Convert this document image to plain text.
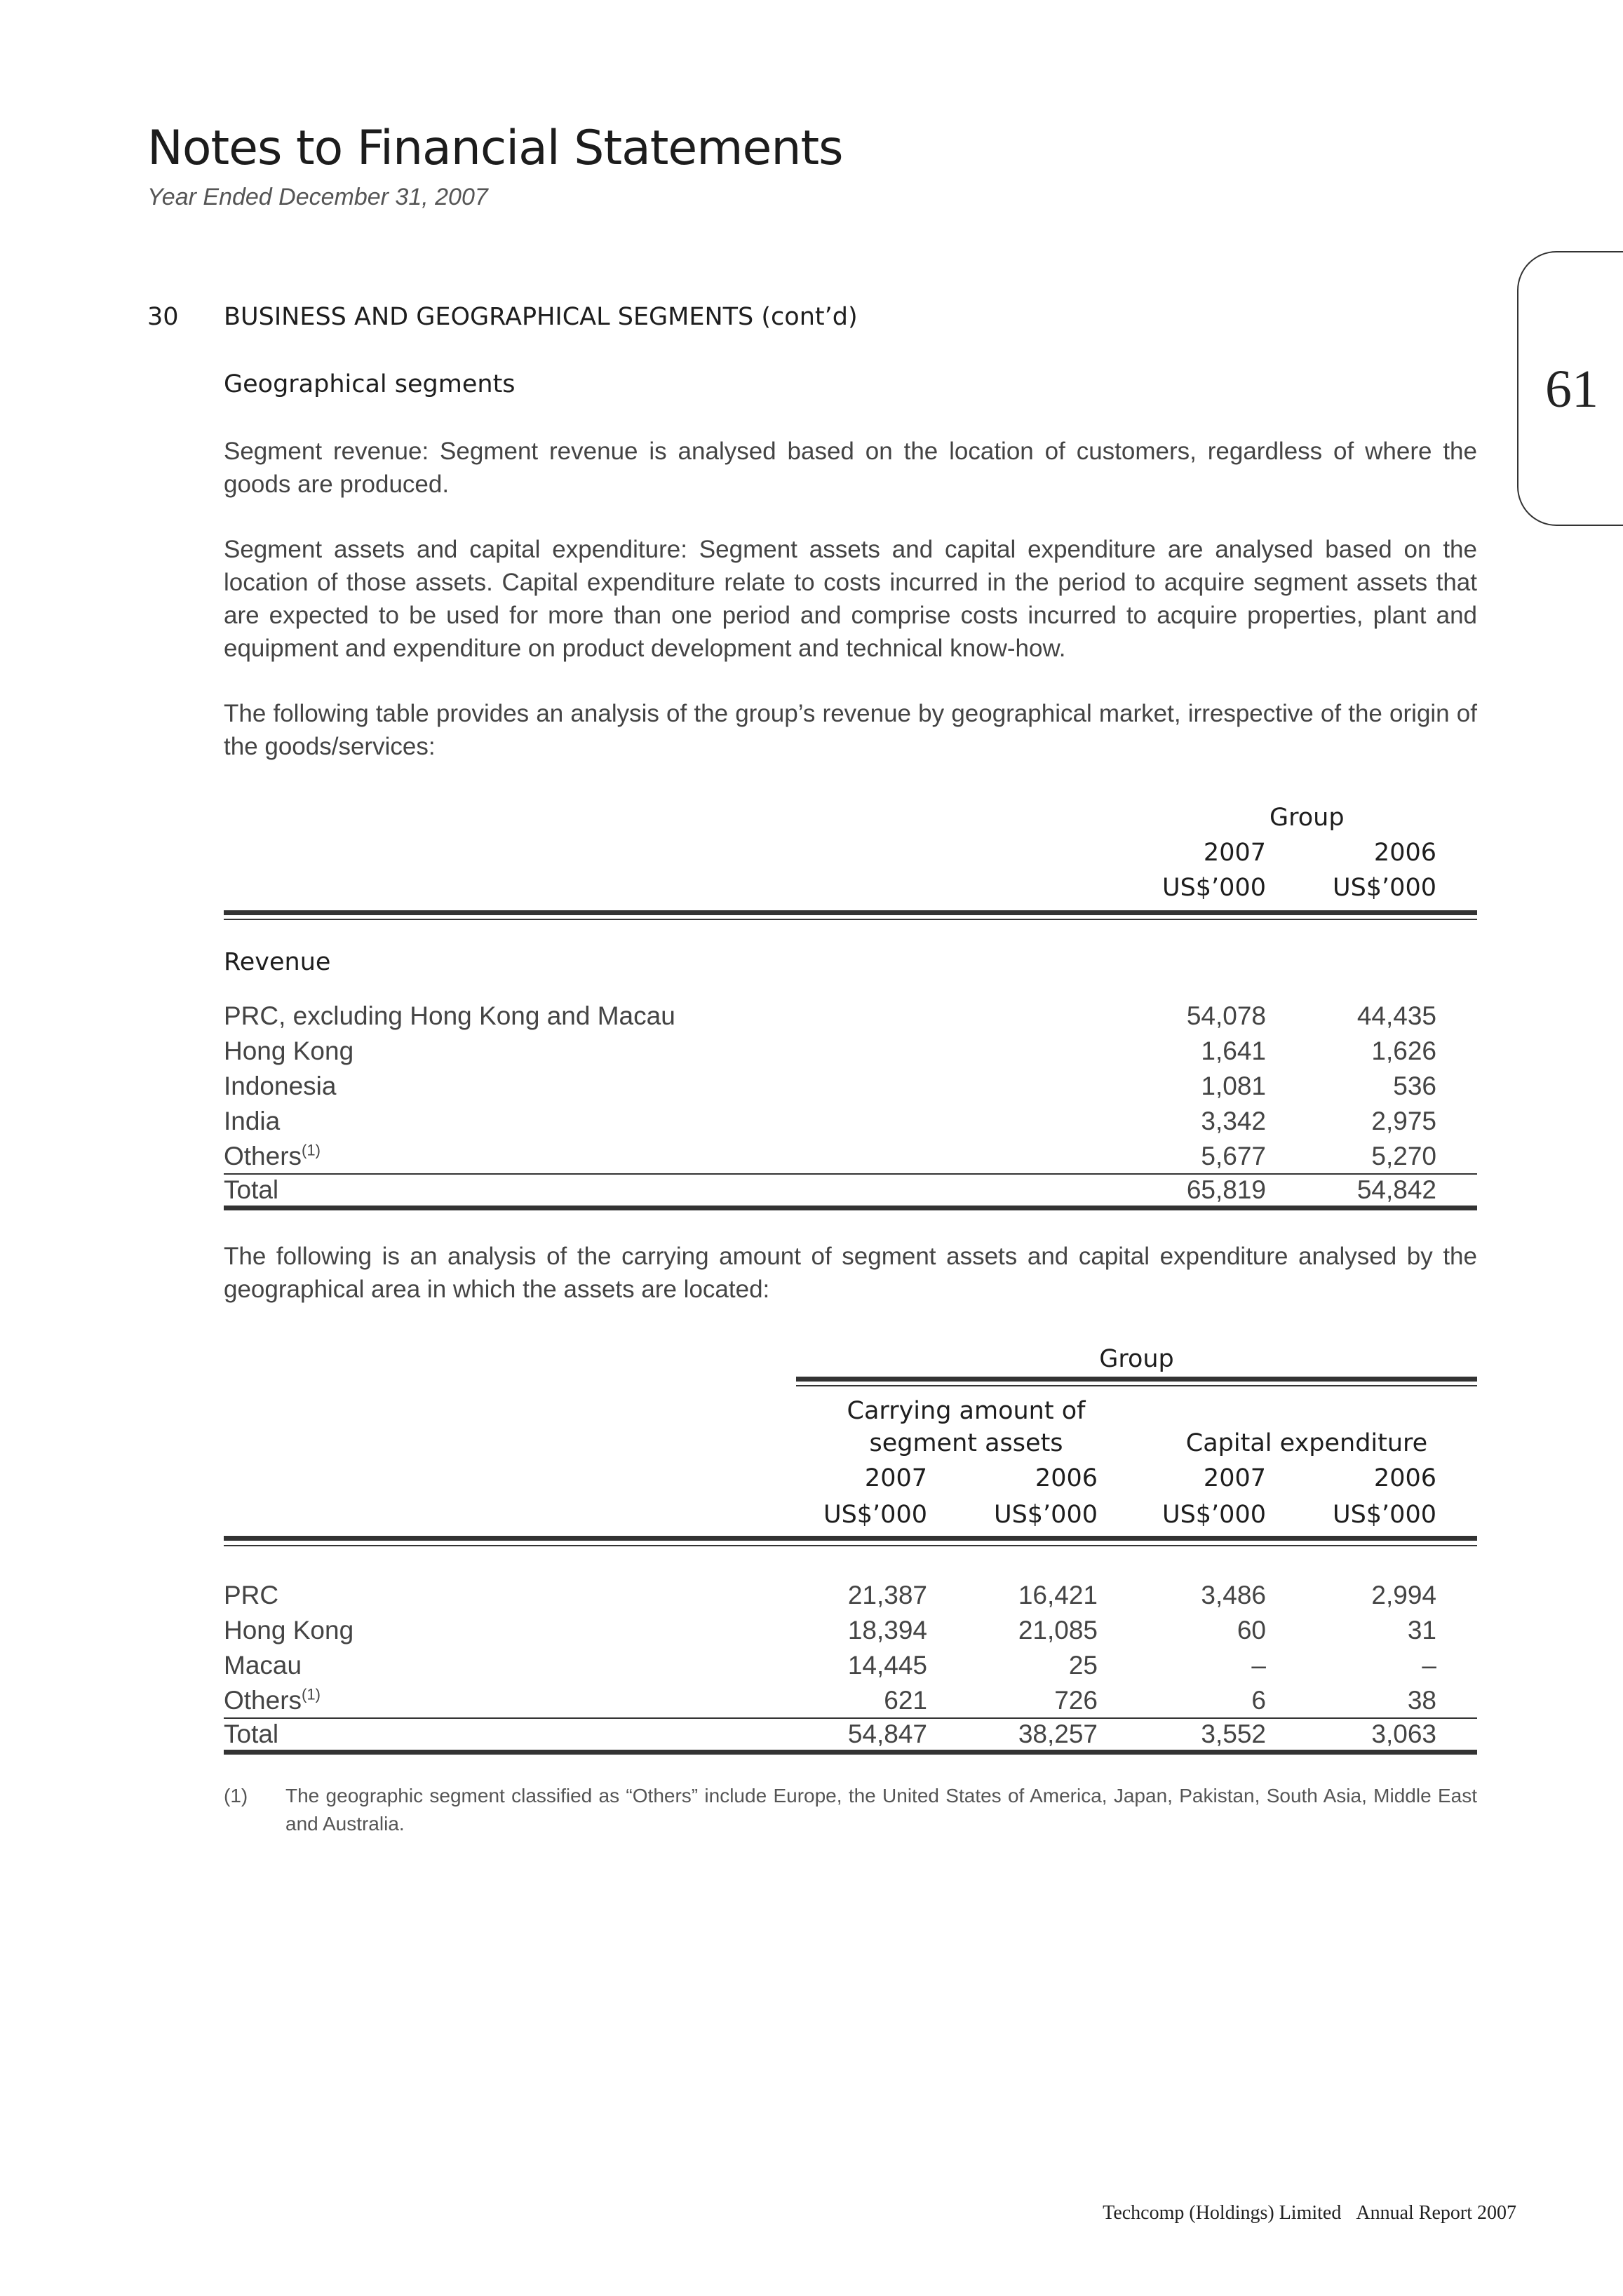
Notes to Financial Statements
Year Ended December 31, 2007
61
30 BUSINESS AND GEOGRAPHICAL SEGMENTS (cont’d)
Geographical segments
Segment revenue: Segment revenue is analysed based on the location of customers, regardless of where the goods are produced.
Segment assets and capital expenditure: Segment assets and capital expenditure are analysed based on the location of those assets. Capital expenditure relate to costs incurred in the period to acquire segment assets that are expected to be used for more than one period and comprise costs incurred to acquire properties, plant and equipment and expenditure on product development and technical know-how.
The following table provides an analysis of the group’s revenue by geographical market, irrespective of the origin of the goods/services:
Group
2007	2006
US$’000	US$’000
Revenue
PRC, excluding Hong Kong and Macau	54,078	44,435
Hong Kong	1,641	1,626
Indonesia	1,081	536
India	3,342	2,975
Others$^{(1)}$	5,677	5,270
Total	65,819	54,842
The following is an analysis of the carrying amount of segment assets and capital expenditure analysed by the geographical area in which the assets are located:
Group
Carrying amount of
segment assets	Capital expenditure
2007	2006	2007	2006
US$’000	US$’000	US$’000	US$’000
PRC	21,387	16,421	3,486	2,994
Hong Kong	18,394	21,085	60	31
Macau	14,445	25	–	–
Others$^{(1)}$	621	726	6	38
Total	54,847	38,257	3,552	3,063
(1) The geographic segment classified as “Others” include Europe, the United States of America, Japan, Pakistan, South Asia, Middle East and Australia.
Techcomp (Holdings) Limited Annual Report 2007
